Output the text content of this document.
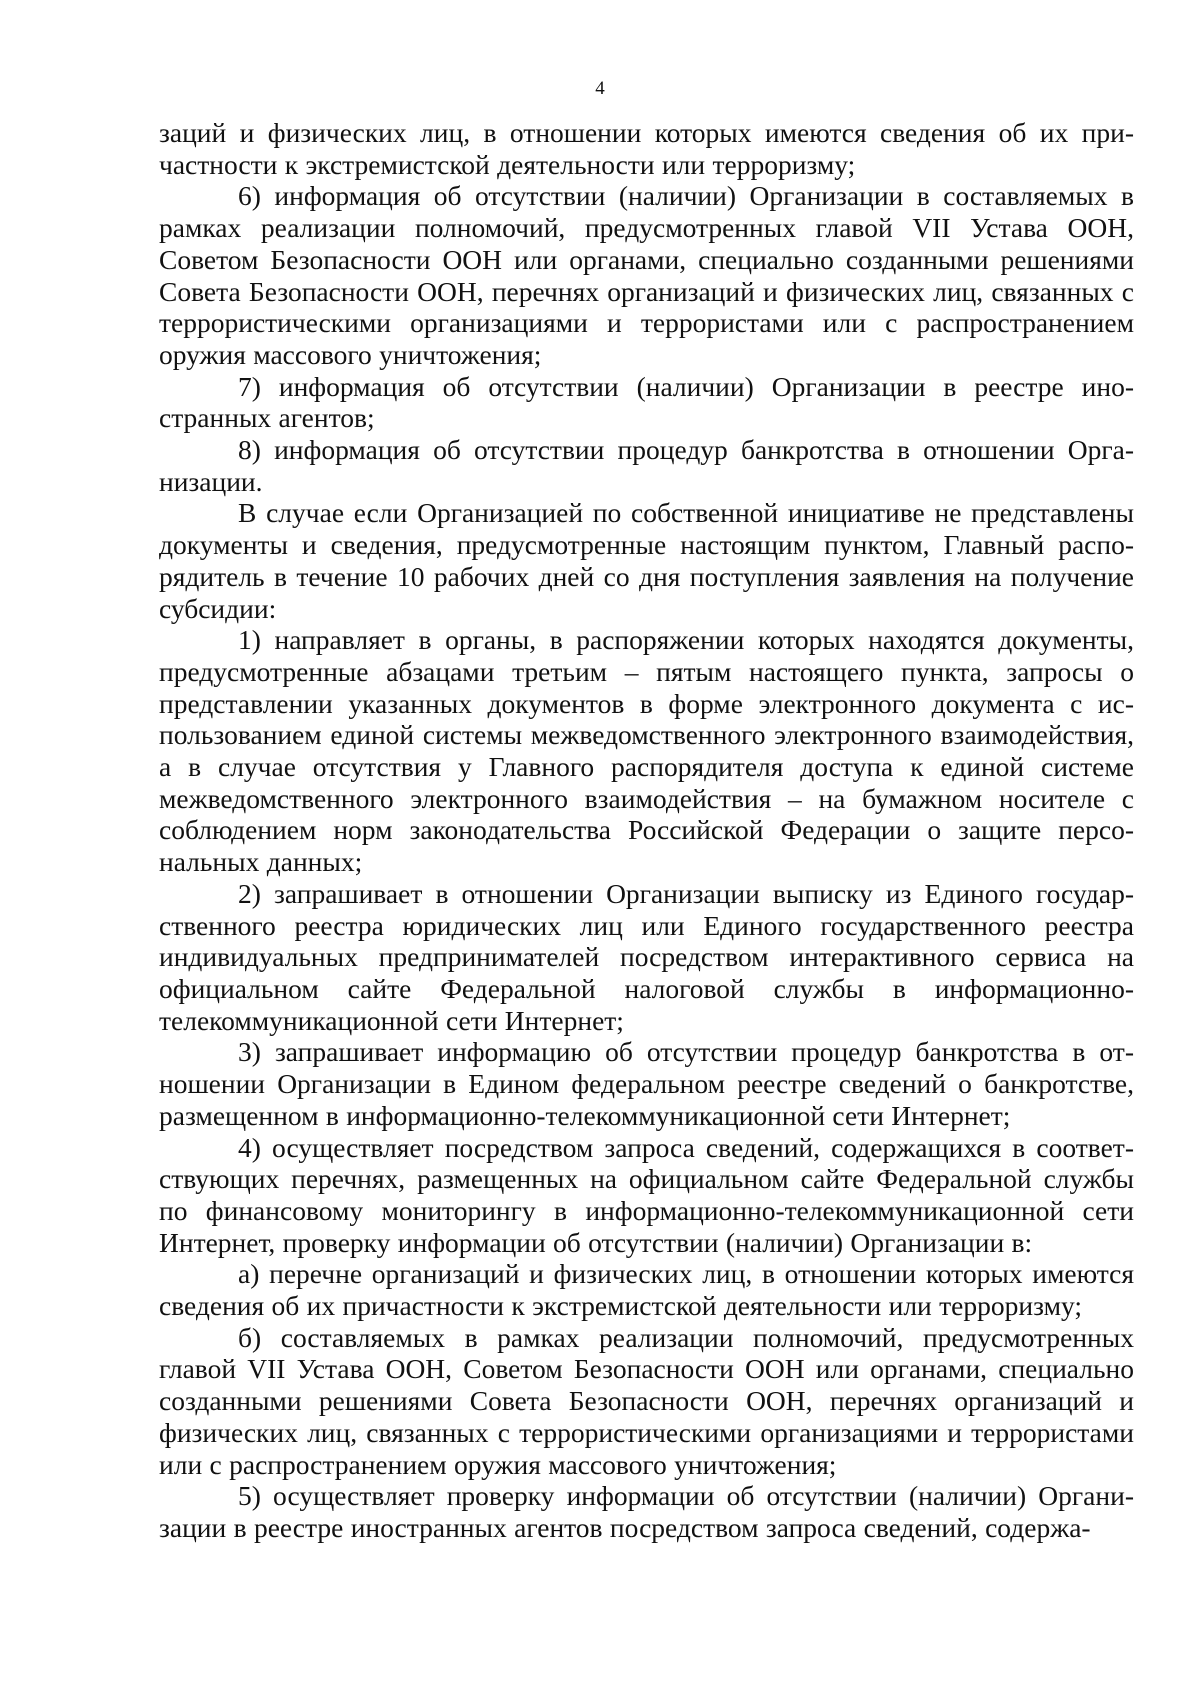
4

заций и физических лиц, в отношении которых имеются сведения об их причастности к экстремистской деятельности или терроризму;

6) информация об отсутствии (наличии) Организации в составляемых в рамках реализации полномочий, предусмотренных главой VII Устава ООН, Советом Безопасности ООН или органами, специально созданными решениями Совета Безопасности ООН, перечнях организаций и физических лиц, связанных с террористическими организациями и террористами или с распространением оружия массового уничтожения;

7) информация об отсутствии (наличии) Организации в реестре иностранных агентов;

8) информация об отсутствии процедур банкротства в отношении Организации.

В случае если Организацией по собственной инициативе не представлены документы и сведения, предусмотренные настоящим пунктом, Главный распорядитель в течение 10 рабочих дней со дня поступления заявления на получение субсидии:

1) направляет в органы, в распоряжении которых находятся документы, предусмотренные абзацами третьим – пятым настоящего пункта, запросы о представлении указанных документов в форме электронного документа с использованием единой системы межведомственного электронного взаимодействия, а в случае отсутствия у Главного распорядителя доступа к единой системе межведомственного электронного взаимодействия – на бумажном носителе с соблюдением норм законодательства Российской Федерации о защите персональных данных;

2) запрашивает в отношении Организации выписку из Единого государственного реестра юридических лиц или Единого государственного реестра индивидуальных предпринимателей посредством интерактивного сервиса на официальном сайте Федеральной налоговой службы в информационно-телекоммуникационной сети Интернет;

3) запрашивает информацию об отсутствии процедур банкротства в отношении Организации в Едином федеральном реестре сведений о банкротстве, размещенном в информационно-телекоммуникационной сети Интернет;

4) осуществляет посредством запроса сведений, содержащихся в соответствующих перечнях, размещенных на официальном сайте Федеральной службы по финансовому мониторингу в информационно-телекоммуникационной сети Интернет, проверку информации об отсутствии (наличии) Организации в:

а) перечне организаций и физических лиц, в отношении которых имеются сведения об их причастности к экстремистской деятельности или терроризму;

б) составляемых в рамках реализации полномочий, предусмотренных главой VII Устава ООН, Советом Безопасности ООН или органами, специально созданными решениями Совета Безопасности ООН, перечнях организаций и физических лиц, связанных с террористическими организациями и террористами или с распространением оружия массового уничтожения;

5) осуществляет проверку информации об отсутствии (наличии) Организации в реестре иностранных агентов посредством запроса сведений, содержа-
